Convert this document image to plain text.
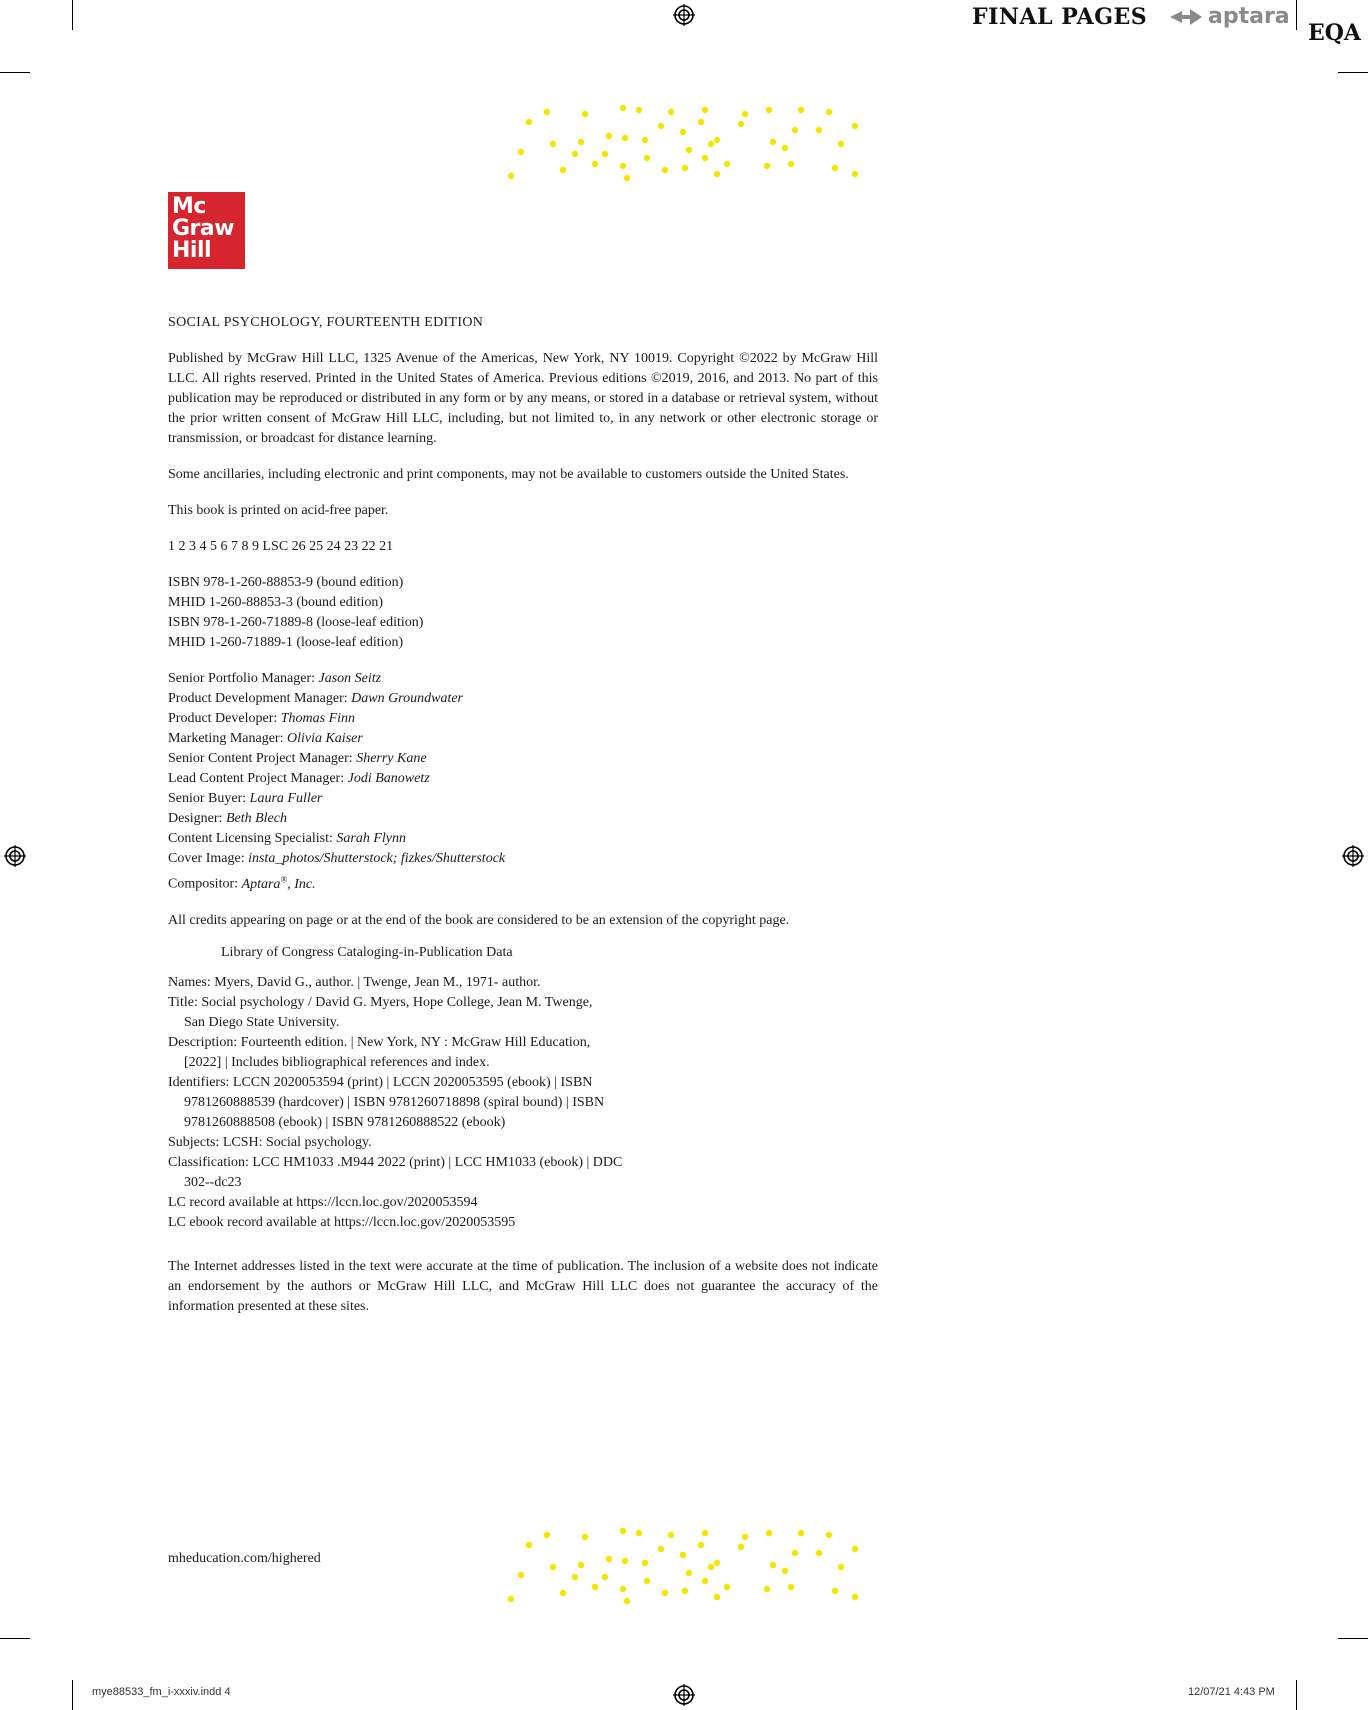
FINAL PAGES	aptara
EQA
Mc
Graw
Hill

SOCIAL PSYCHOLOGY, FOURTEENTH EDITION

Published by McGraw Hill LLC, 1325 Avenue of the Americas, New York, NY 10019. Copyright ©2022 by McGraw Hill LLC. All rights reserved. Printed in the United States of America. Previous editions ©2019, 2016, and 2013. No part of this publication may be reproduced or distributed in any form or by any means, or stored in a database or retrieval system, without the prior written consent of McGraw Hill LLC, including, but not limited to, in any network or other electronic storage or transmission, or broadcast for distance learning.

Some ancillaries, including electronic and print components, may not be available to customers outside the United States.

This book is printed on acid-free paper.

1 2 3 4 5 6 7 8 9 LSC 26 25 24 23 22 21

ISBN 978-1-260-88853-9 (bound edition)

MHID 1-260-88853-3 (bound edition)

ISBN 978-1-260-71889-8 (loose-leaf edition)

MHID 1-260-71889-1 (loose-leaf edition)

Senior Portfolio Manager: Jason Seitz

Product Development Manager: Dawn Groundwater

Product Developer: Thomas Finn

Marketing Manager: Olivia Kaiser

Senior Content Project Manager: Sherry Kane

Lead Content Project Manager: Jodi Banowetz

Senior Buyer: Laura Fuller

Designer: Beth Blech

Content Licensing Specialist: Sarah Flynn

Cover Image: insta_photos/Shutterstock; fizkes/Shutterstock

Compositor: Aptara®, Inc.

All credits appearing on page or at the end of the book are considered to be an extension of the copyright page.

Library of Congress Cataloging-in-Publication Data

Names: Myers, David G., author. | Twenge, Jean M., 1971- author.

Title: Social psychology / David G. Myers, Hope College, Jean M. Twenge,

San Diego State University.

Description: Fourteenth edition. | New York, NY : McGraw Hill Education,

[2022] | Includes bibliographical references and index.

Identifiers: LCCN 2020053594 (print) | LCCN 2020053595 (ebook) | ISBN

9781260888539 (hardcover) | ISBN 9781260718898 (spiral bound) | ISBN

9781260888508 (ebook) | ISBN 9781260888522 (ebook)

Subjects: LCSH: Social psychology.

Classification: LCC HM1033 .M944 2022 (print) | LCC HM1033 (ebook) | DDC

302--dc23

LC record available at https://lccn.loc.gov/2020053594

LC ebook record available at https://lccn.loc.gov/2020053595

The Internet addresses listed in the text were accurate at the time of publication. The inclusion of a website does not indicate an endorsement by the authors or McGraw Hill LLC, and McGraw Hill LLC does not guarantee the accuracy of the information presented at these sites.

mheducation.com/highered
mye88533_fm_i-xxxiv.indd 4	12/07/21 4:43 PM
